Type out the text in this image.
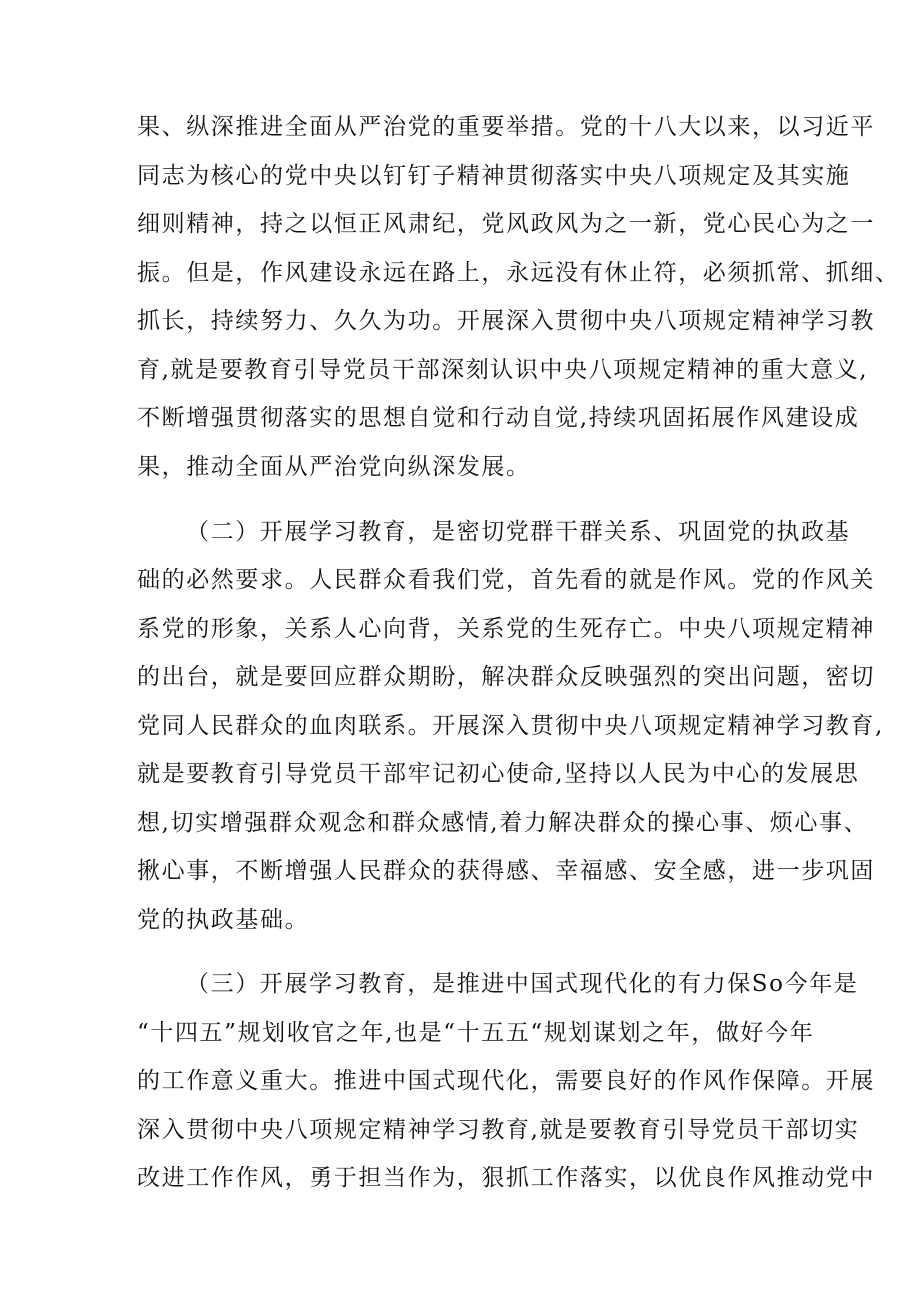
果、纵深推进全面从严治党的重要举措。党的十八大以来，以习近平

同志为核心的党中央以钉钉子精神贯彻落实中央八项规定及其实施

细则精神，持之以恒正风肃纪，党风政风为之一新，党心民心为之一

振。但是，作风建设永远在路上，永远没有休止符，必须抓常、抓细、

抓长，持续努力、久久为功。开展深入贯彻中央八项规定精神学习教

育,就是要教育引导党员干部深刻认识中央八项规定精神的重大意义,

不断增强贯彻落实的思想自觉和行动自觉,持续巩固拓展作风建设成

果，推动全面从严治党向纵深发展。

（二）开展学习教育，是密切党群干群关系、巩固党的执政基

础的必然要求。人民群众看我们党，首先看的就是作风。党的作风关

系党的形象，关系人心向背，关系党的生死存亡。中央八项规定精神

的出台，就是要回应群众期盼，解决群众反映强烈的突出问题，密切

党同人民群众的血肉联系。开展深入贯彻中央八项规定精神学习教育,

就是要教育引导党员干部牢记初心使命,坚持以人民为中心的发展思

想,切实增强群众观念和群众感情,着力解决群众的操心事、烦心事、

揪心事，不断增强人民群众的获得感、幸福感、安全感，进一步巩固

党的执政基础。

（三）开展学习教育，是推进中国式现代化的有力保So今年是

“十四五”规划收官之年,也是“十五五“规划谋划之年，做好今年

的工作意义重大。推进中国式现代化，需要良好的作风作保障。开展

深入贯彻中央八项规定精神学习教育,就是要教育引导党员干部切实

改进工作作风，勇于担当作为，狠抓工作落实，以优良作风推动党中
